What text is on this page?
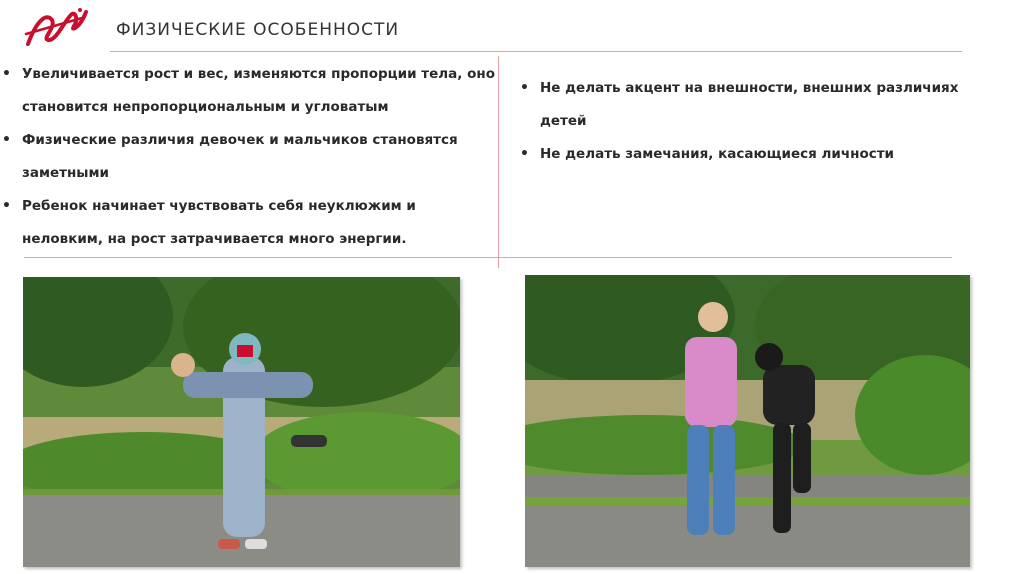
ФИЗИЧЕСКИЕ ОСОБЕННОСТИ
• Увеличивается рост и вес, изменяются пропорции тела, оно становится непропорциональным и угловатым
• Физические различия девочек и мальчиков становятся заметными
• Ребенок начинает чувствовать себя неуклюжим и неловким, на рост затрачивается много энергии.
• Не делать акцент на внешности, внешних различиях детей
• Не делать замечания, касающиеся личности
